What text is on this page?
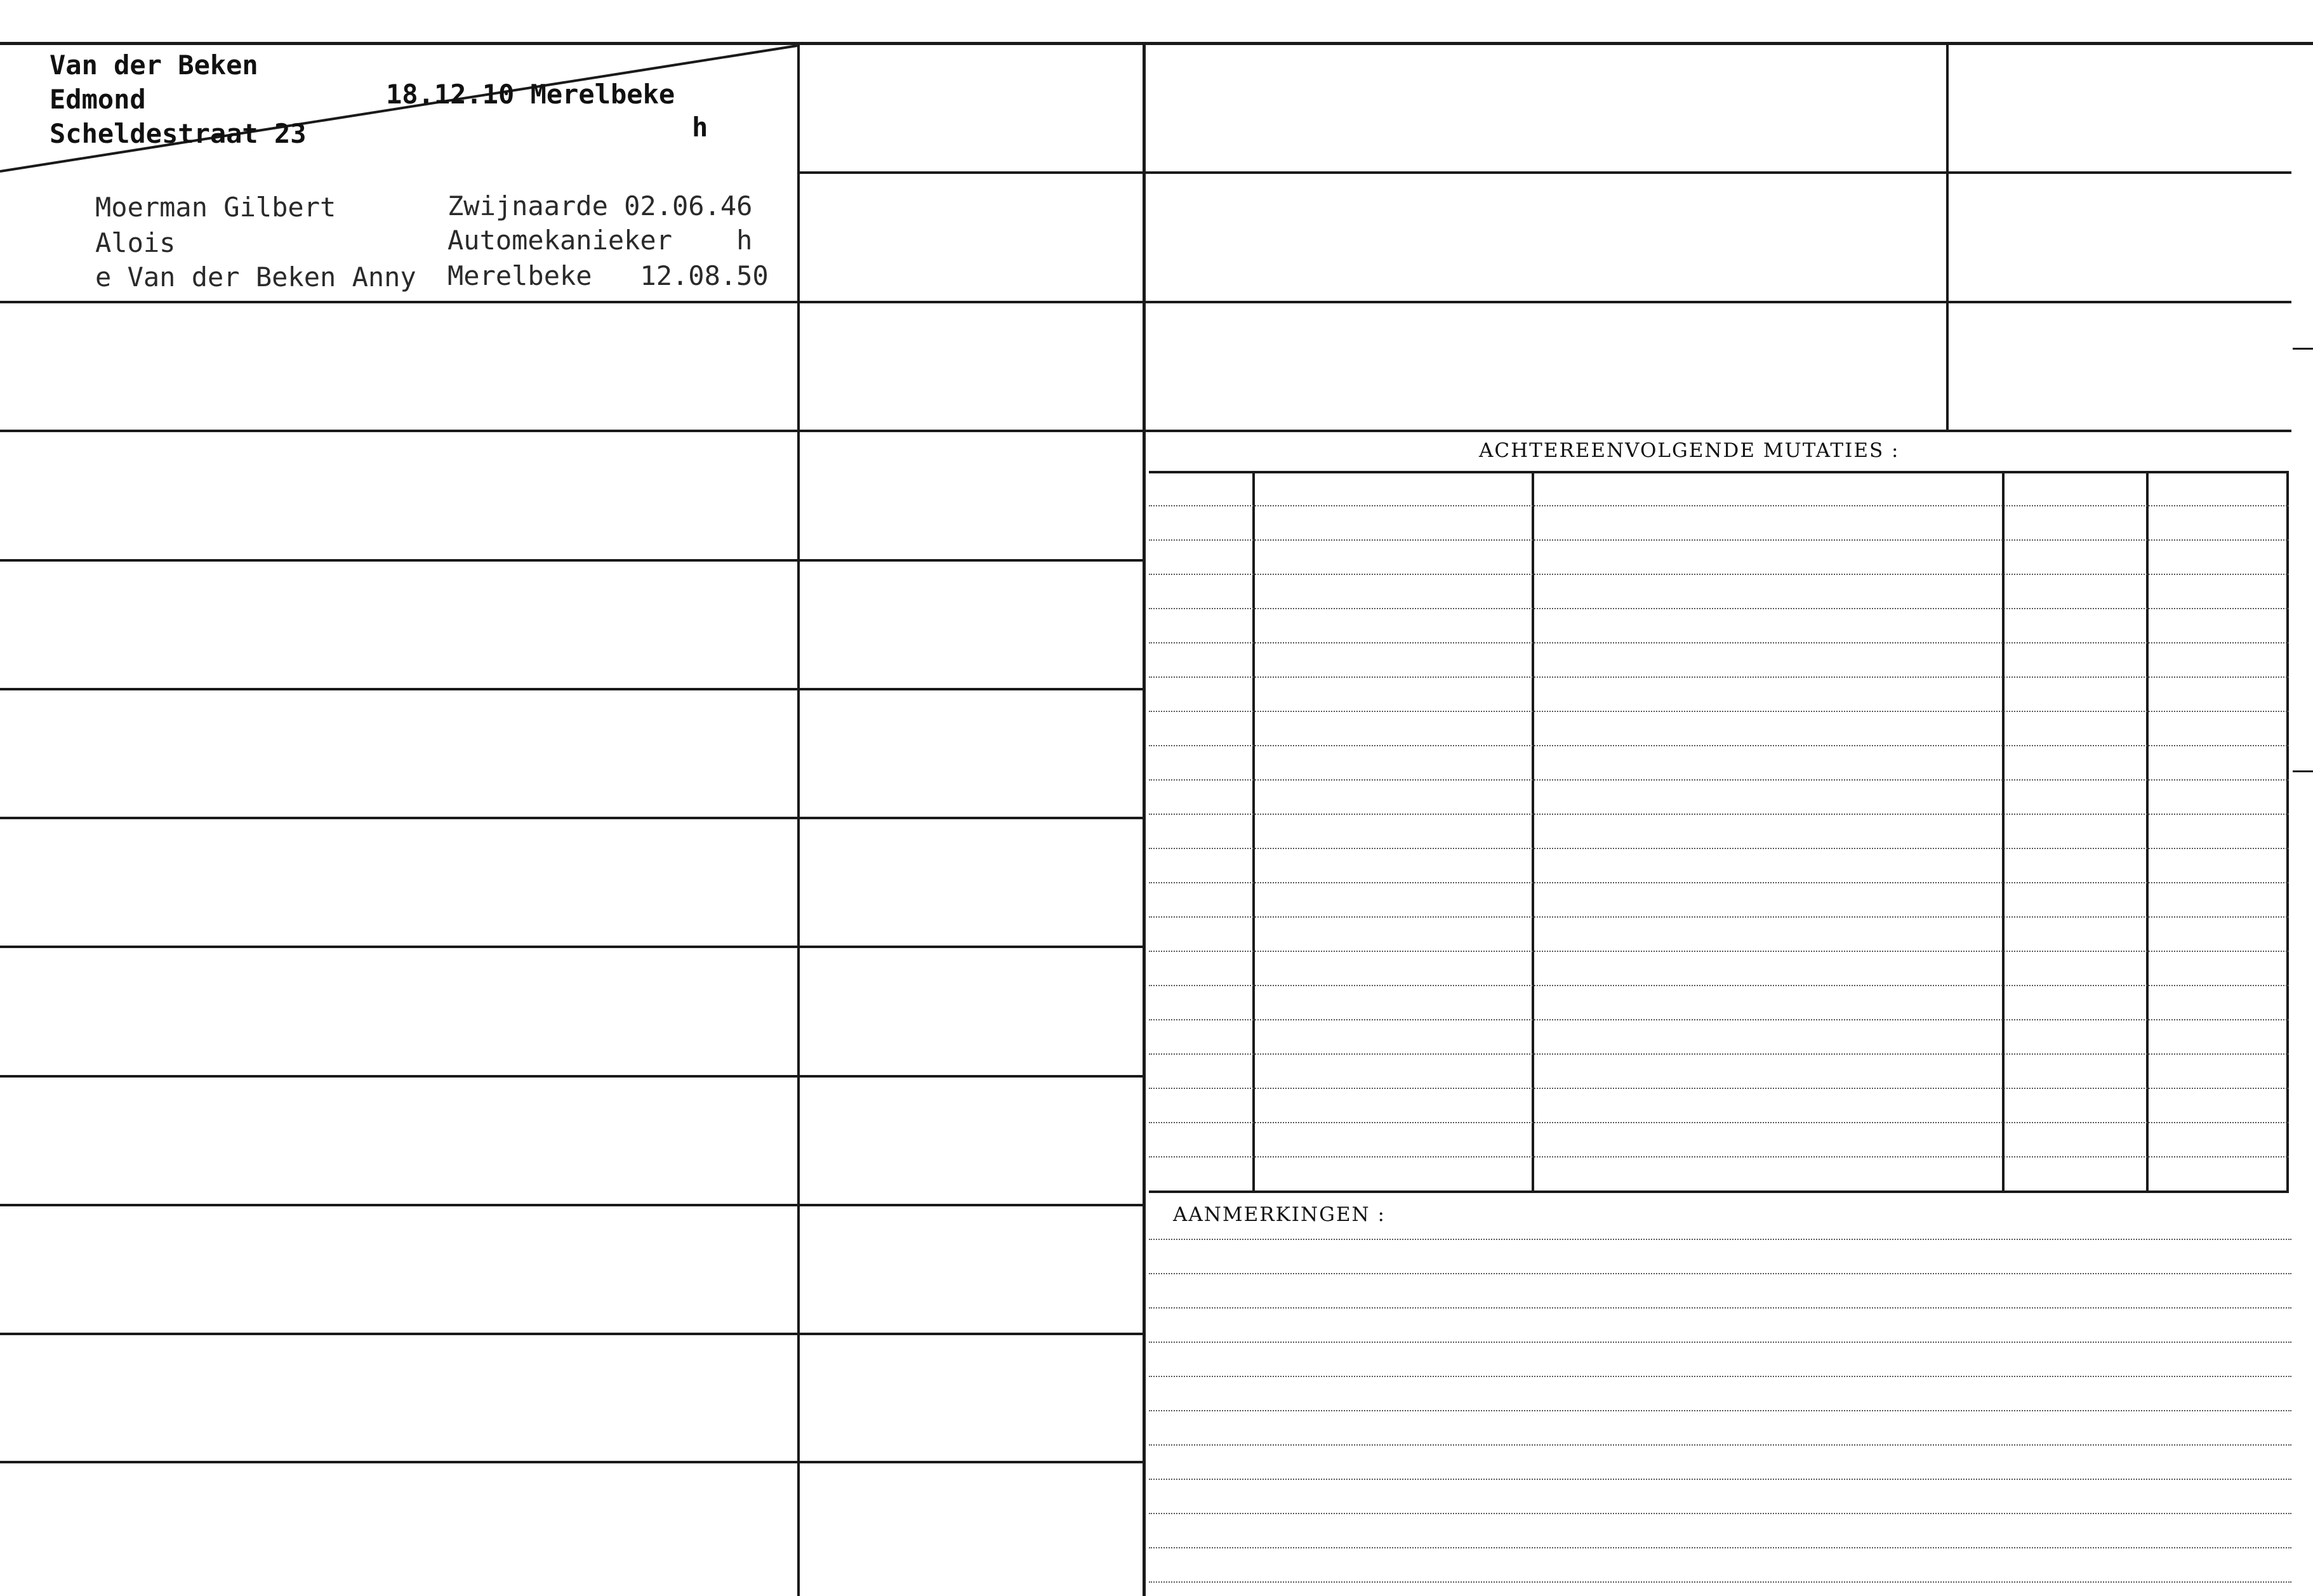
Van der Beken
Edmond
Scheldestraat 23
18.12.10 Merelbeke
h
Moerman Gilbert
Alois
e Van der Beken Anny
Zwijnaarde 02.06.46
Automekanieker    h
Merelbeke   12.08.50
ACHTEREENVOLGENDE MUTATIES :
AANMERKINGEN :
